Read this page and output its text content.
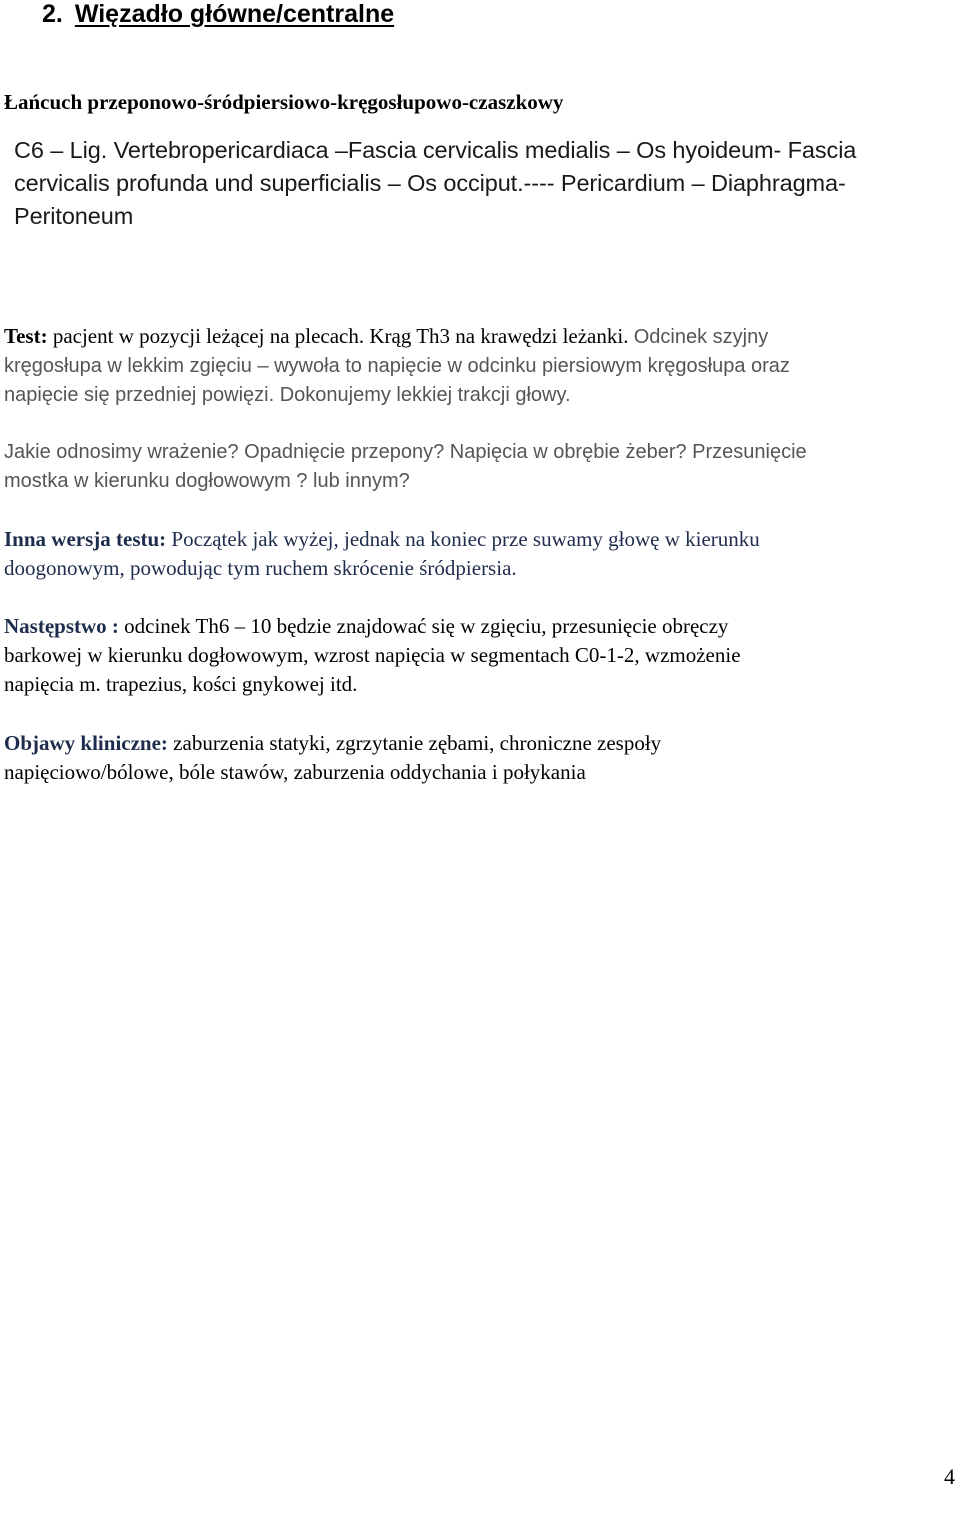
2. Więzadło główne/centralne
Łańcuch przeponowo-śródpiersiowo-kręgosłupowo-czaszkowy
C6 – Lig. Vertebropericardiaca –Fascia cervicalis medialis – Os hyoideum- Fascia
cervicalis profunda und superficialis – Os occiput.---- Pericardium – Diaphragma-
Peritoneum
Test: pacjent w pozycji leżącej na plecach. Krąg Th3 na krawędzi leżanki. Odcinek szyjny
kręgosłupa w lekkim zgięciu – wywoła to napięcie w odcinku piersiowym kręgosłupa oraz
napięcie się przedniej powięzi. Dokonujemy lekkiej trakcji głowy.
Jakie odnosimy wrażenie? Opadnięcie przepony? Napięcia w obrębie żeber? Przesunięcie
mostka w kierunku dogłowowym ? lub innym?
Inna wersja testu: Początek jak wyżej, jednak na koniec prze suwamy głowę w kierunku
doogonowym, powodując tym ruchem skrócenie śródpiersia.
Następstwo : odcinek Th6 – 10 będzie znajdować się w zgięciu, przesunięcie obręczy
barkowej w kierunku dogłowowym, wzrost napięcia w segmentach C0-1-2, wzmożenie
napięcia m. trapezius, kości gnykowej itd.
Objawy kliniczne: zaburzenia statyki, zgrzytanie zębami, chroniczne zespoły
napięciowo/bólowe, bóle stawów, zaburzenia oddychania i połykania
4
